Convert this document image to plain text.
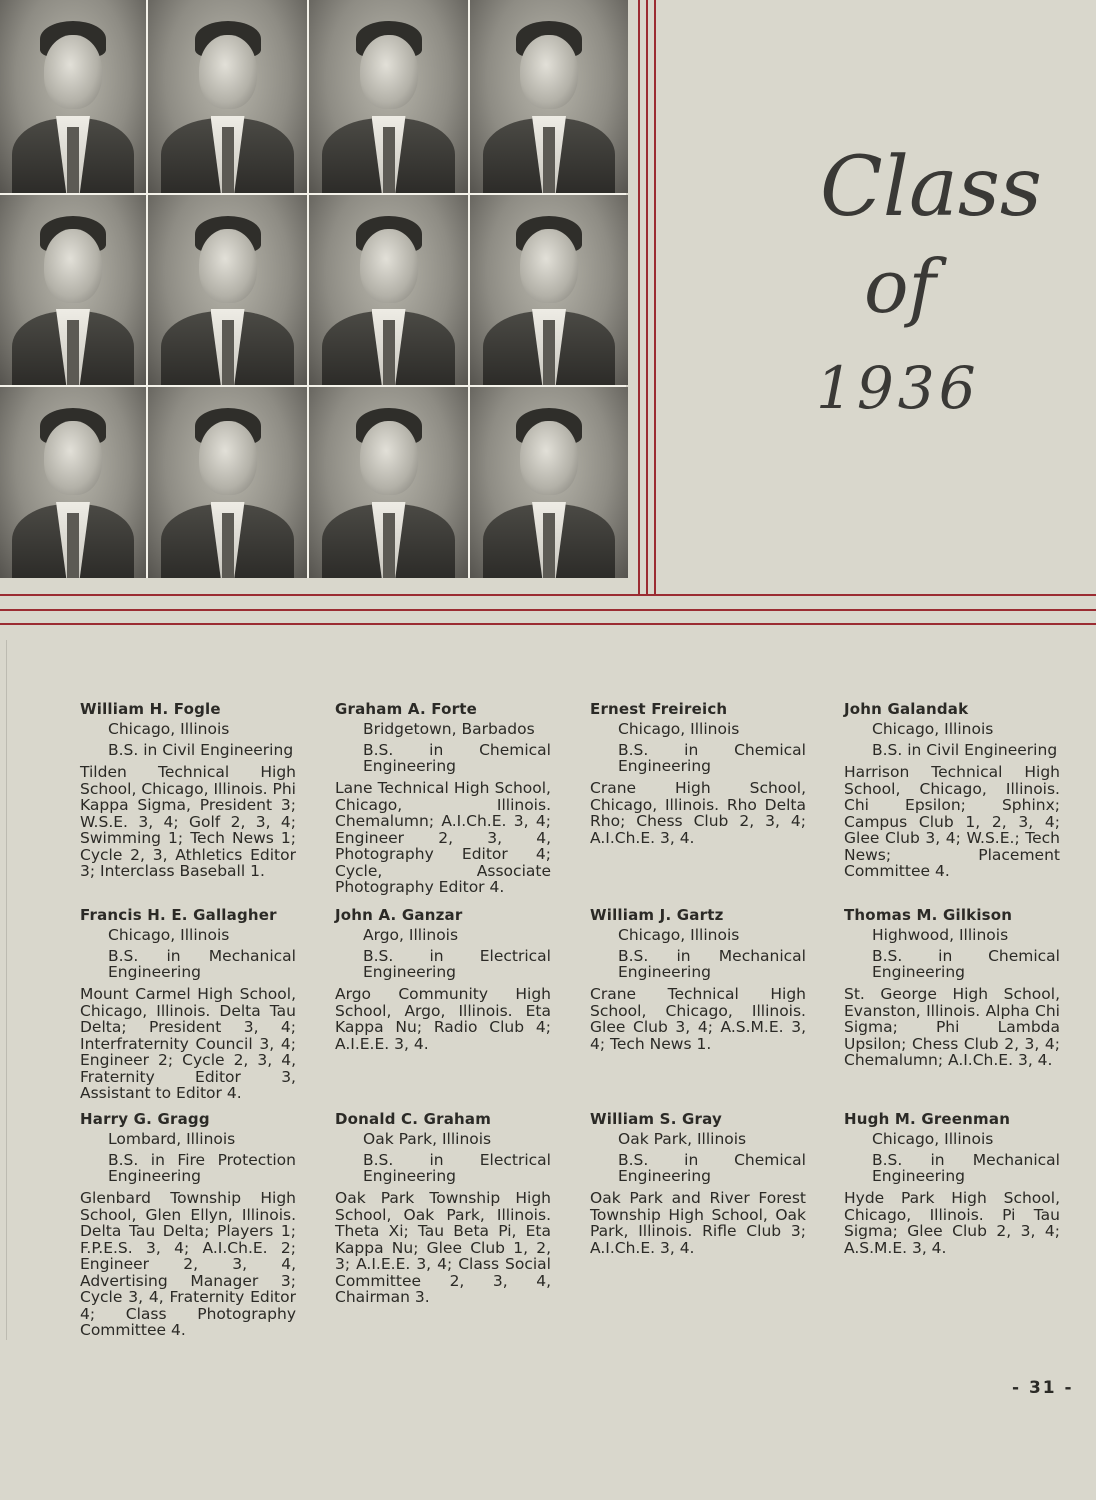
Class
of
1936
William H. Fogle
Chicago, Illinois
B.S. in Civil Engineering
Tilden Technical High School, Chicago, Illinois. Phi Kappa Sigma, President 3; W.S.E. 3, 4; Golf 2, 3, 4; Swimming 1; Tech News 1; Cycle 2, 3, Athletics Editor 3; Interclass Baseball 1.
Graham A. Forte
Bridgetown, Barbados
B.S. in Chemical Engineering
Lane Technical High School, Chicago, Illinois. Chemalumn; A.I.Ch.E. 3, 4; Engineer 2, 3, 4, Photography Editor 4; Cycle, Associate Photography Editor 4.
Ernest Freireich
Chicago, Illinois
B.S. in Chemical Engineering
Crane High School, Chicago, Illinois. Rho Delta Rho; Chess Club 2, 3, 4; A.I.Ch.E. 3, 4.
John Galandak
Chicago, Illinois
B.S. in Civil Engineering
Harrison Technical High School, Chicago, Illinois. Chi Epsilon; Sphinx; Campus Club 1, 2, 3, 4; Glee Club 3, 4; W.S.E.; Tech News; Placement Committee 4.
Francis H. E. Gallagher
Chicago, Illinois
B.S. in Mechanical Engineering
Mount Carmel High School, Chicago, Illinois. Delta Tau Delta; President 3, 4; Interfraternity Council 3, 4; Engineer 2; Cycle 2, 3, 4, Fraternity Editor 3, Assistant to Editor 4.
John A. Ganzar
Argo, Illinois
B.S. in Electrical Engineering
Argo Community High School, Argo, Illinois. Eta Kappa Nu; Radio Club 4; A.I.E.E. 3, 4.
William J. Gartz
Chicago, Illinois
B.S. in Mechanical Engineering
Crane Technical High School, Chicago, Illinois. Glee Club 3, 4; A.S.M.E. 3, 4; Tech News 1.
Thomas M. Gilkison
Highwood, Illinois
B.S. in Chemical Engineering
St. George High School, Evanston, Illinois. Alpha Chi Sigma; Phi Lambda Upsilon; Chess Club 2, 3, 4; Chemalumn; A.I.Ch.E. 3, 4.
Harry G. Gragg
Lombard, Illinois
B.S. in Fire Protection Engineering
Glenbard Township High School, Glen Ellyn, Illinois. Delta Tau Delta; Players 1; F.P.E.S. 3, 4; A.I.Ch.E. 2; Engineer 2, 3, 4, Advertising Manager 3; Cycle 3, 4, Fraternity Editor 4; Class Photography Committee 4.
Donald C. Graham
Oak Park, Illinois
B.S. in Electrical Engineering
Oak Park Township High School, Oak Park, Illinois. Theta Xi; Tau Beta Pi, Eta Kappa Nu; Glee Club 1, 2, 3; A.I.E.E. 3, 4; Class Social Committee 2, 3, 4, Chairman 3.
William S. Gray
Oak Park, Illinois
B.S. in Chemical Engineering
Oak Park and River Forest Township High School, Oak Park, Illinois. Rifle Club 3; A.I.Ch.E. 3, 4.
Hugh M. Greenman
Chicago, Illinois
B.S. in Mechanical Engineering
Hyde Park High School, Chicago, Illinois. Pi Tau Sigma; Glee Club 2, 3, 4; A.S.M.E. 3, 4.
- 31 -
